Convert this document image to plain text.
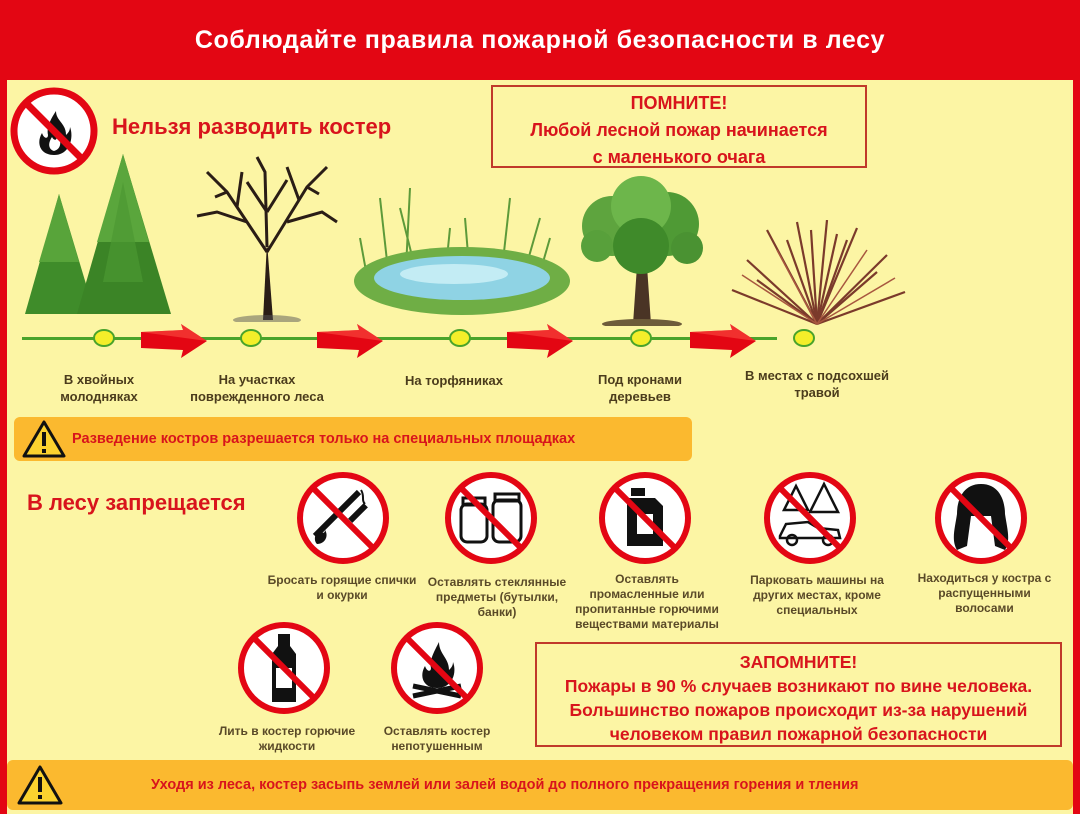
Соблюдайте правила пожарной безопасности в лесу
Нельзя разводить костер
ПОМНИТЕ!
Любой лесной пожар начинается
с маленького очага
В хвойных
молодняках
На участках
поврежденного леса
На торфяниках	Под кронами
деревьев
В местах с подсохшей
травой
Разведение костров разрешается только на специальных площадках
В лесу запрещается
Бросать горящие спички
и окурки
Оставлять стеклянные
предметы (бутылки,
банки)
Оставлять
промасленные или
пропитанные горючими
веществами материалы
Парковать машины на
других местах, кроме
специальных
Находиться у костра с
распущенными
волосами
Лить в костер горючие
жидкости
Оставлять костер
непотушенным
ЗАПОМНИТЕ!
Пожары в 90 % случаев возникают по вине человека.
Большинство пожаров происходит из-за нарушений
человеком правил пожарной безопасности
Уходя из леса, костер засыпь землей или залей водой до полного прекращения горения и тления
